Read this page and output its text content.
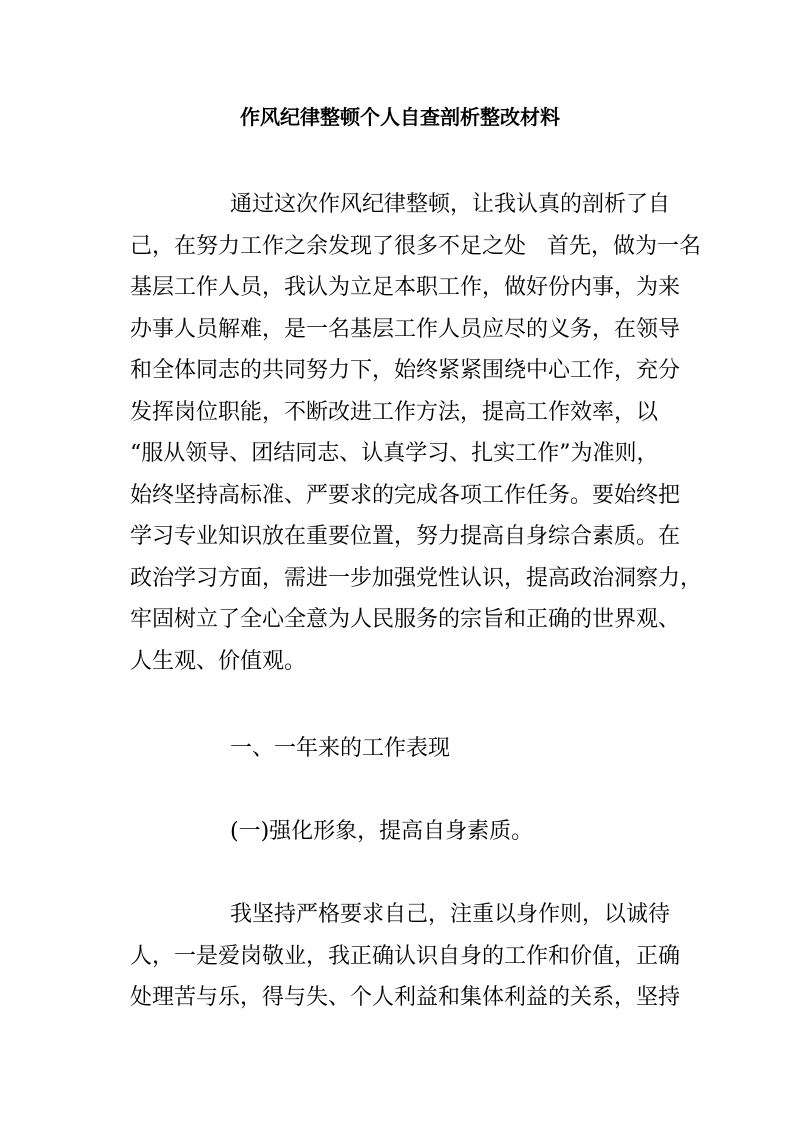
作风纪律整顿个人自查剖析整改材料
通过这次作风纪律整顿，让我认真的剖析了自
己，在努力工作之余发现了很多不足之处   首先，做为一名
基层工作人员，我认为立足本职工作，做好份内事，为来
办事人员解难，是一名基层工作人员应尽的义务，在领导
和全体同志的共同努力下，始终紧紧围绕中心工作，充分
发挥岗位职能，不断改进工作方法，提高工作效率，以
“服从领导、团结同志、认真学习、扎实工作”为准则，
始终坚持高标准、严要求的完成各项工作任务。要始终把
学习专业知识放在重要位置，努力提高自身综合素质。在
政治学习方面，需进一步加强党性认识，提高政治洞察力，
牢固树立了全心全意为人民服务的宗旨和正确的世界观、
人生观、价值观。
一、一年来的工作表现
(一)强化形象，提高自身素质。
我坚持严格要求自己，注重以身作则，以诚待
人，一是爱岗敬业，我正确认识自身的工作和价值，正确
处理苦与乐，得与失、个人利益和集体利益的关系，坚持
